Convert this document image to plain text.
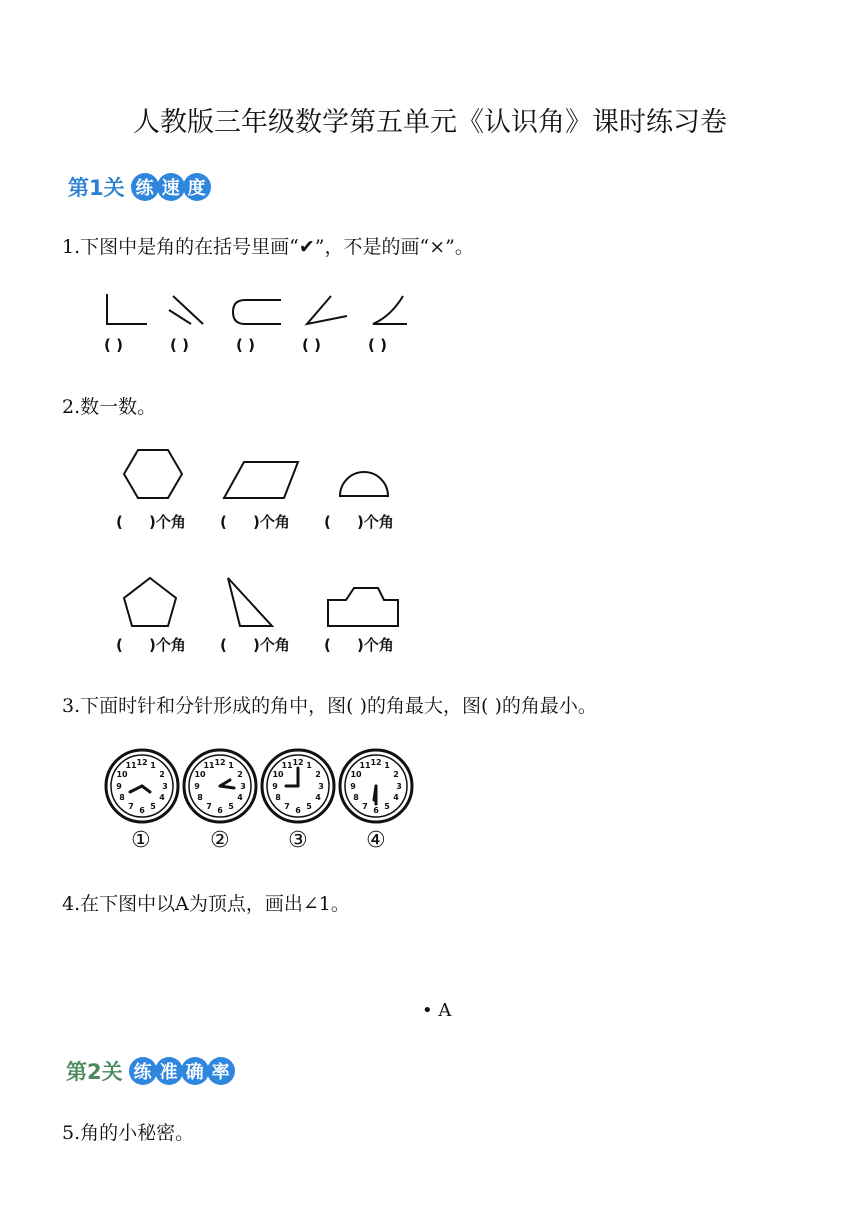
人教版三年级数学第五单元《认识角》课时练习卷
第1关 练 速 度
1.下图中是角的在括号里画“✔”，不是的画“×”。
( )	( )	( )	( )	( )
2.数一数。
(     )个角 (     )个角 (     )个角
(     )个角 (     )个角 (     )个角
3.下面时针和分针形成的角中，图( )的角最大，图( )的角最小。
12 1
2
3
6
7
8
9
10
11
①	②	③	④
4.在下图中以A为顶点，画出∠1。
• A
第2关 练 准 确 率
5.角的小秘密。
